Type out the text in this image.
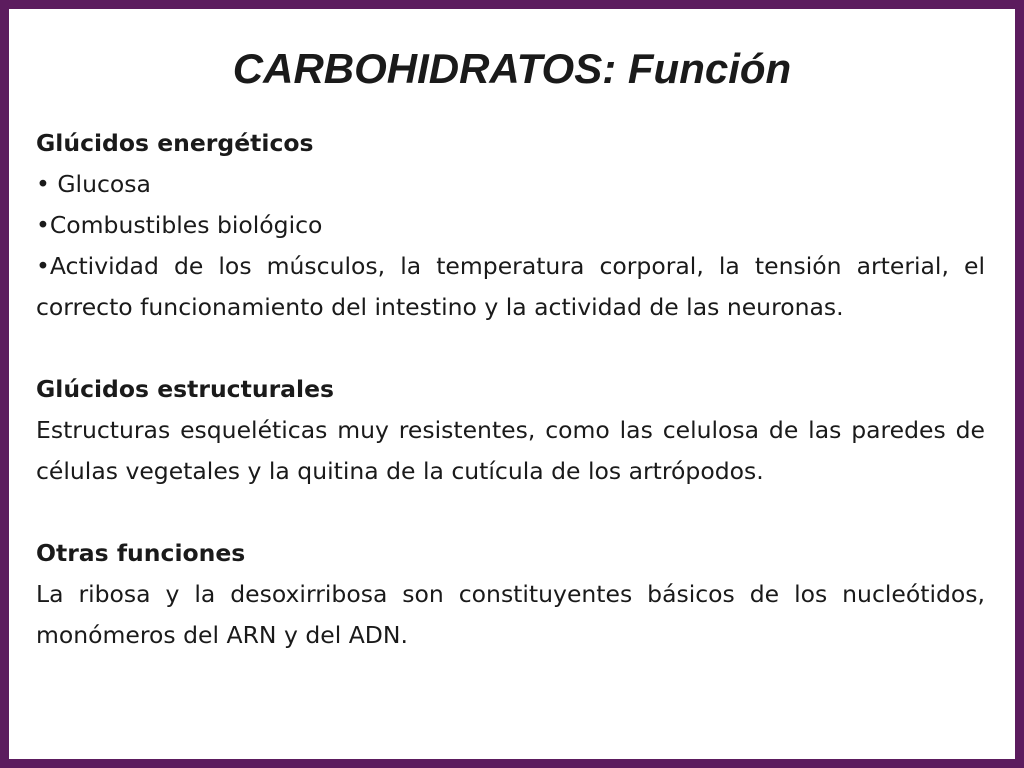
CARBOHIDRATOS: Función

Glúcidos energéticos

• Glucosa

•Combustibles biológico

•Actividad de los músculos, la temperatura corporal, la tensión arterial, el correcto funcionamiento del intestino y la actividad de las neuronas.

Glúcidos estructurales

Estructuras esqueléticas muy resistentes, como las celulosa de las paredes de células vegetales y la quitina de la cutícula de los artrópodos.

Otras funciones

La ribosa y la desoxirribosa son constituyentes básicos de los nucleótidos, monómeros del ARN y del ADN.
